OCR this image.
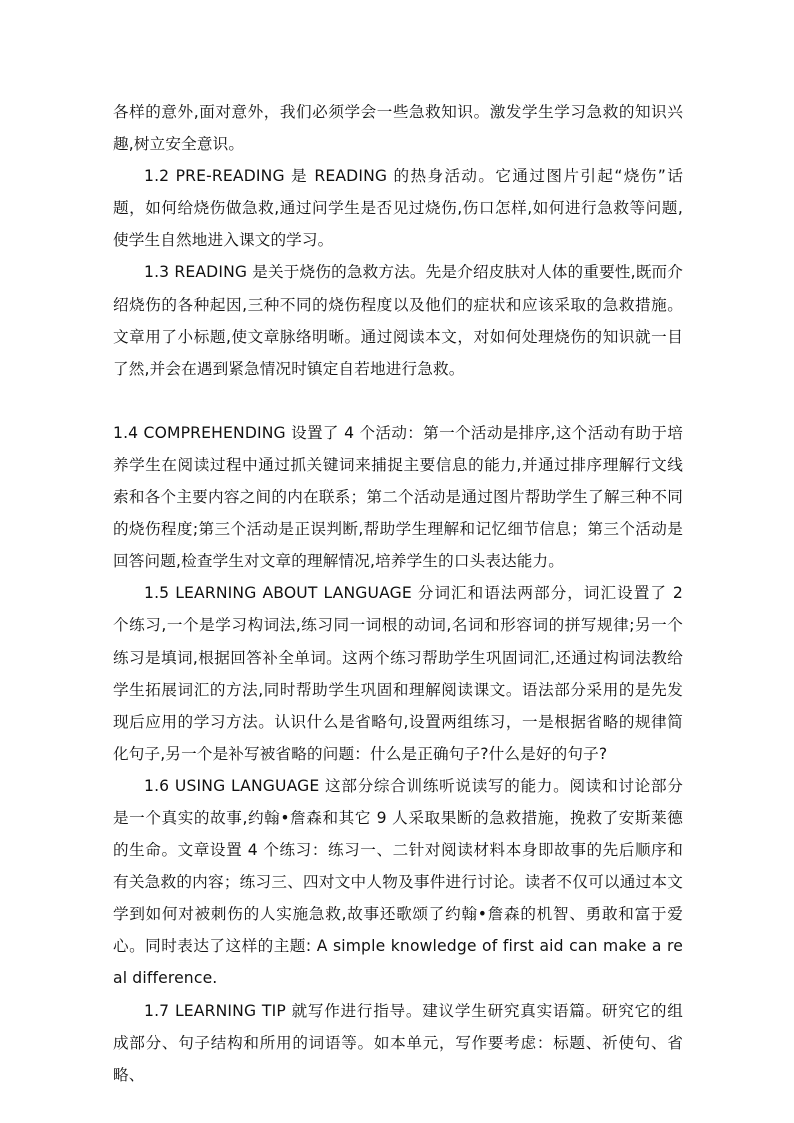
各样的意外,面对意外，我们必须学会一些急救知识。激发学生学习急救的知识兴趣,树立安全意识。

1.2 PRE-READING 是 READING 的热身活动。它通过图片引起“烧伤”话题，如何给烧伤做急救,通过问学生是否见过烧伤,伤口怎样,如何进行急救等问题,使学生自然地进入课文的学习。

1.3 READING 是关于烧伤的急救方法。先是介绍皮肤对人体的重要性,既而介绍烧伤的各种起因,三种不同的烧伤程度以及他们的症状和应该采取的急救措施。文章用了小标题,使文章脉络明晰。通过阅读本文，对如何处理烧伤的知识就一目了然,并会在遇到紧急情况时镇定自若地进行急救。

1.4 COMPREHENDING 设置了 4 个活动：第一个活动是排序,这个活动有助于培养学生在阅读过程中通过抓关键词来捕捉主要信息的能力,并通过排序理解行文线索和各个主要内容之间的内在联系；第二个活动是通过图片帮助学生了解三种不同的烧伤程度;第三个活动是正误判断,帮助学生理解和记忆细节信息；第三个活动是回答问题,检查学生对文章的理解情况,培养学生的口头表达能力。

1.5 LEARNING ABOUT LANGUAGE 分词汇和语法两部分，词汇设置了 2 个练习,一个是学习构词法,练习同一词根的动词,名词和形容词的拼写规律;另一个练习是填词,根据回答补全单词。这两个练习帮助学生巩固词汇,还通过构词法教给学生拓展词汇的方法,同时帮助学生巩固和理解阅读课文。语法部分采用的是先发现后应用的学习方法。认识什么是省略句,设置两组练习，一是根据省略的规律简化句子,另一个是补写被省略的问题：什么是正确句子?什么是好的句子?

1.6 USING LANGUAGE 这部分综合训练听说读写的能力。阅读和讨论部分是一个真实的故事,约翰•詹森和其它 9 人采取果断的急救措施，挽救了安斯莱德的生命。文章设置 4 个练习：练习一、二针对阅读材料本身即故事的先后顺序和有关急救的内容；练习三、四对文中人物及事件进行讨论。读者不仅可以通过本文学到如何对被刺伤的人实施急救,故事还歌颂了约翰•詹森的机智、勇敢和富于爱心。同时表达了这样的主题: A simple knowledge of first aid can make a real difference.

1.7 LEARNING TIP 就写作进行指导。建议学生研究真实语篇。研究它的组成部分、句子结构和所用的词语等。如本单元，写作要考虑：标题、祈使句、省略、
